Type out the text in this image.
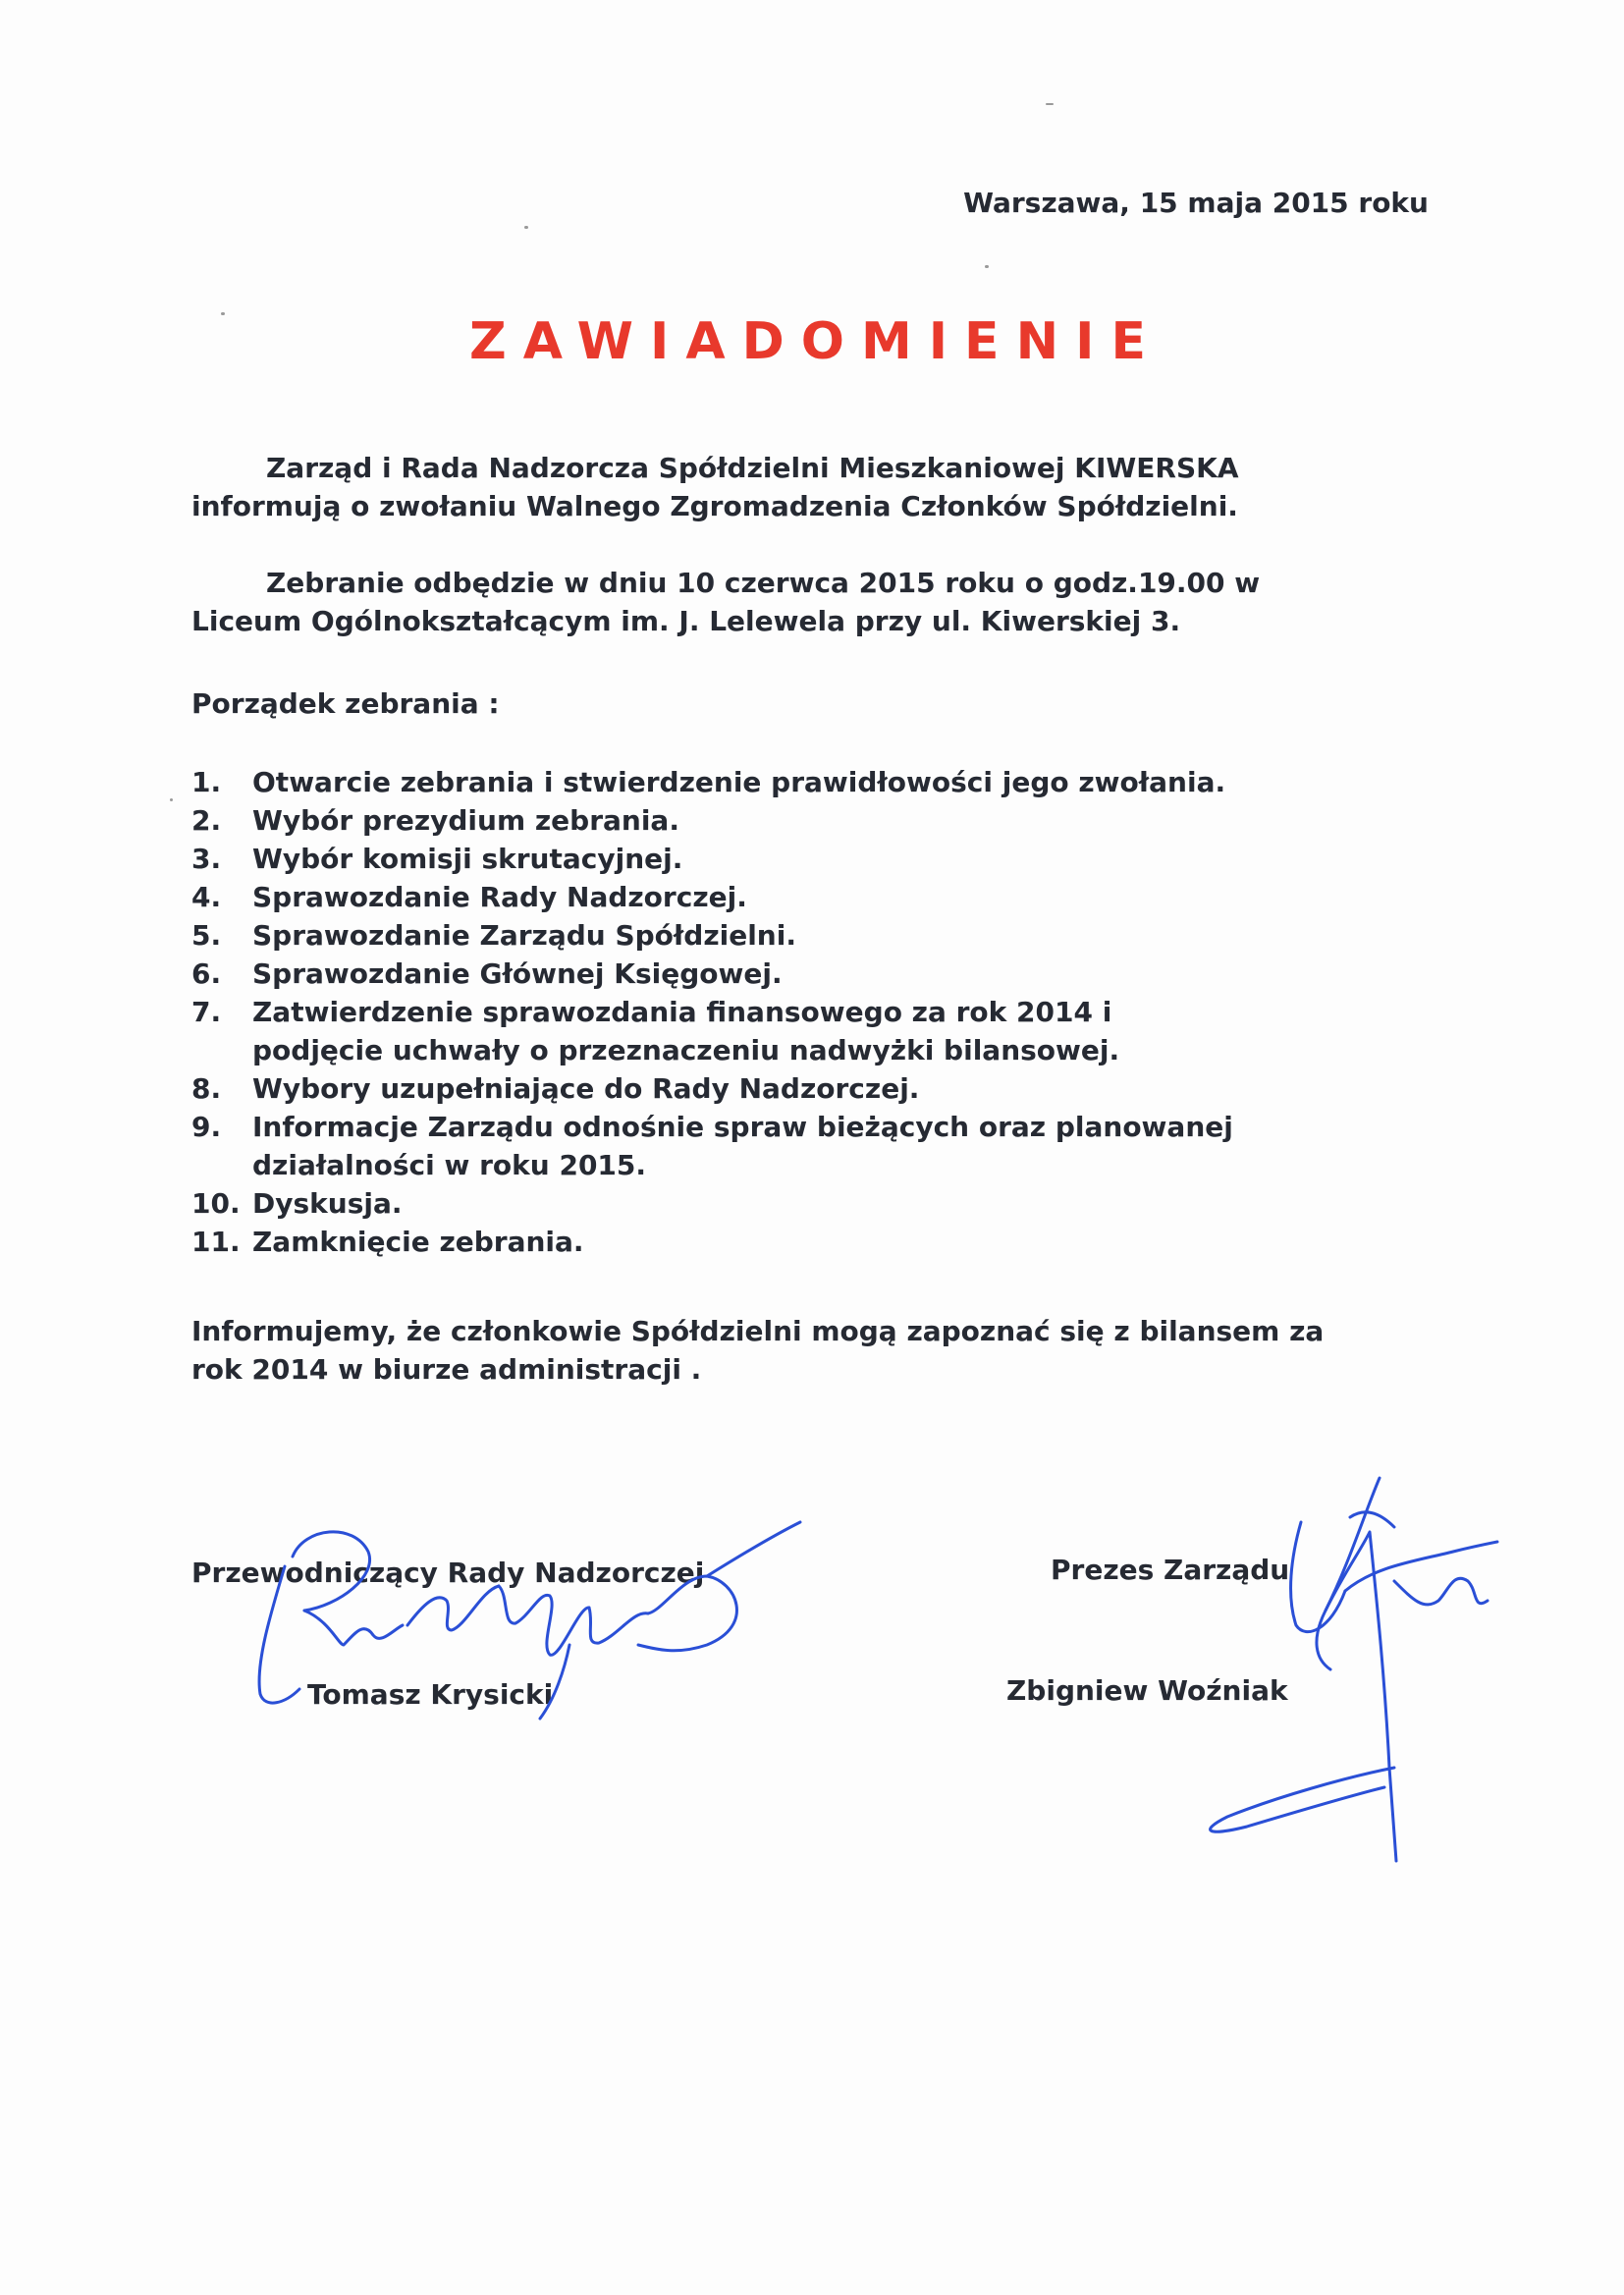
Warszawa, 15 maja 2015 roku
ZAWIADOMIENIE
Zarząd i Rada Nadzorcza Spółdzielni Mieszkaniowej KIWERSKA informują o zwołaniu Walnego Zgromadzenia Członków Spółdzielni.
Zebranie odbędzie w dniu 10 czerwca 2015 roku o godz.19.00 w Liceum Ogólnokształcącym im. J. Lelewela przy ul. Kiwerskiej 3.
Porządek zebrania :
1.	Otwarcie zebrania i stwierdzenie prawidłowości jego zwołania.
2.	Wybór prezydium zebrania.
3.	Wybór komisji skrutacyjnej.
4.	Sprawozdanie Rady Nadzorczej.
5.	Sprawozdanie Zarządu Spółdzielni.
6.	Sprawozdanie Głównej Księgowej.
7.	Zatwierdzenie sprawozdania finansowego za rok 2014 i podjęcie uchwały o przeznaczeniu nadwyżki bilansowej.
8.	Wybory uzupełniające do Rady Nadzorczej.
9.	Informacje Zarządu odnośnie spraw bieżących oraz planowanej działalności w roku 2015.
10. Dyskusja.
11. Zamknięcie zebrania.
Informujemy, że członkowie Spółdzielni mogą zapoznać się z bilansem za rok 2014 w biurze administracji .
Przewodniczący Rady Nadzorczej
Tomasz Krysicki
Prezes Zarządu
Zbigniew Woźniak
